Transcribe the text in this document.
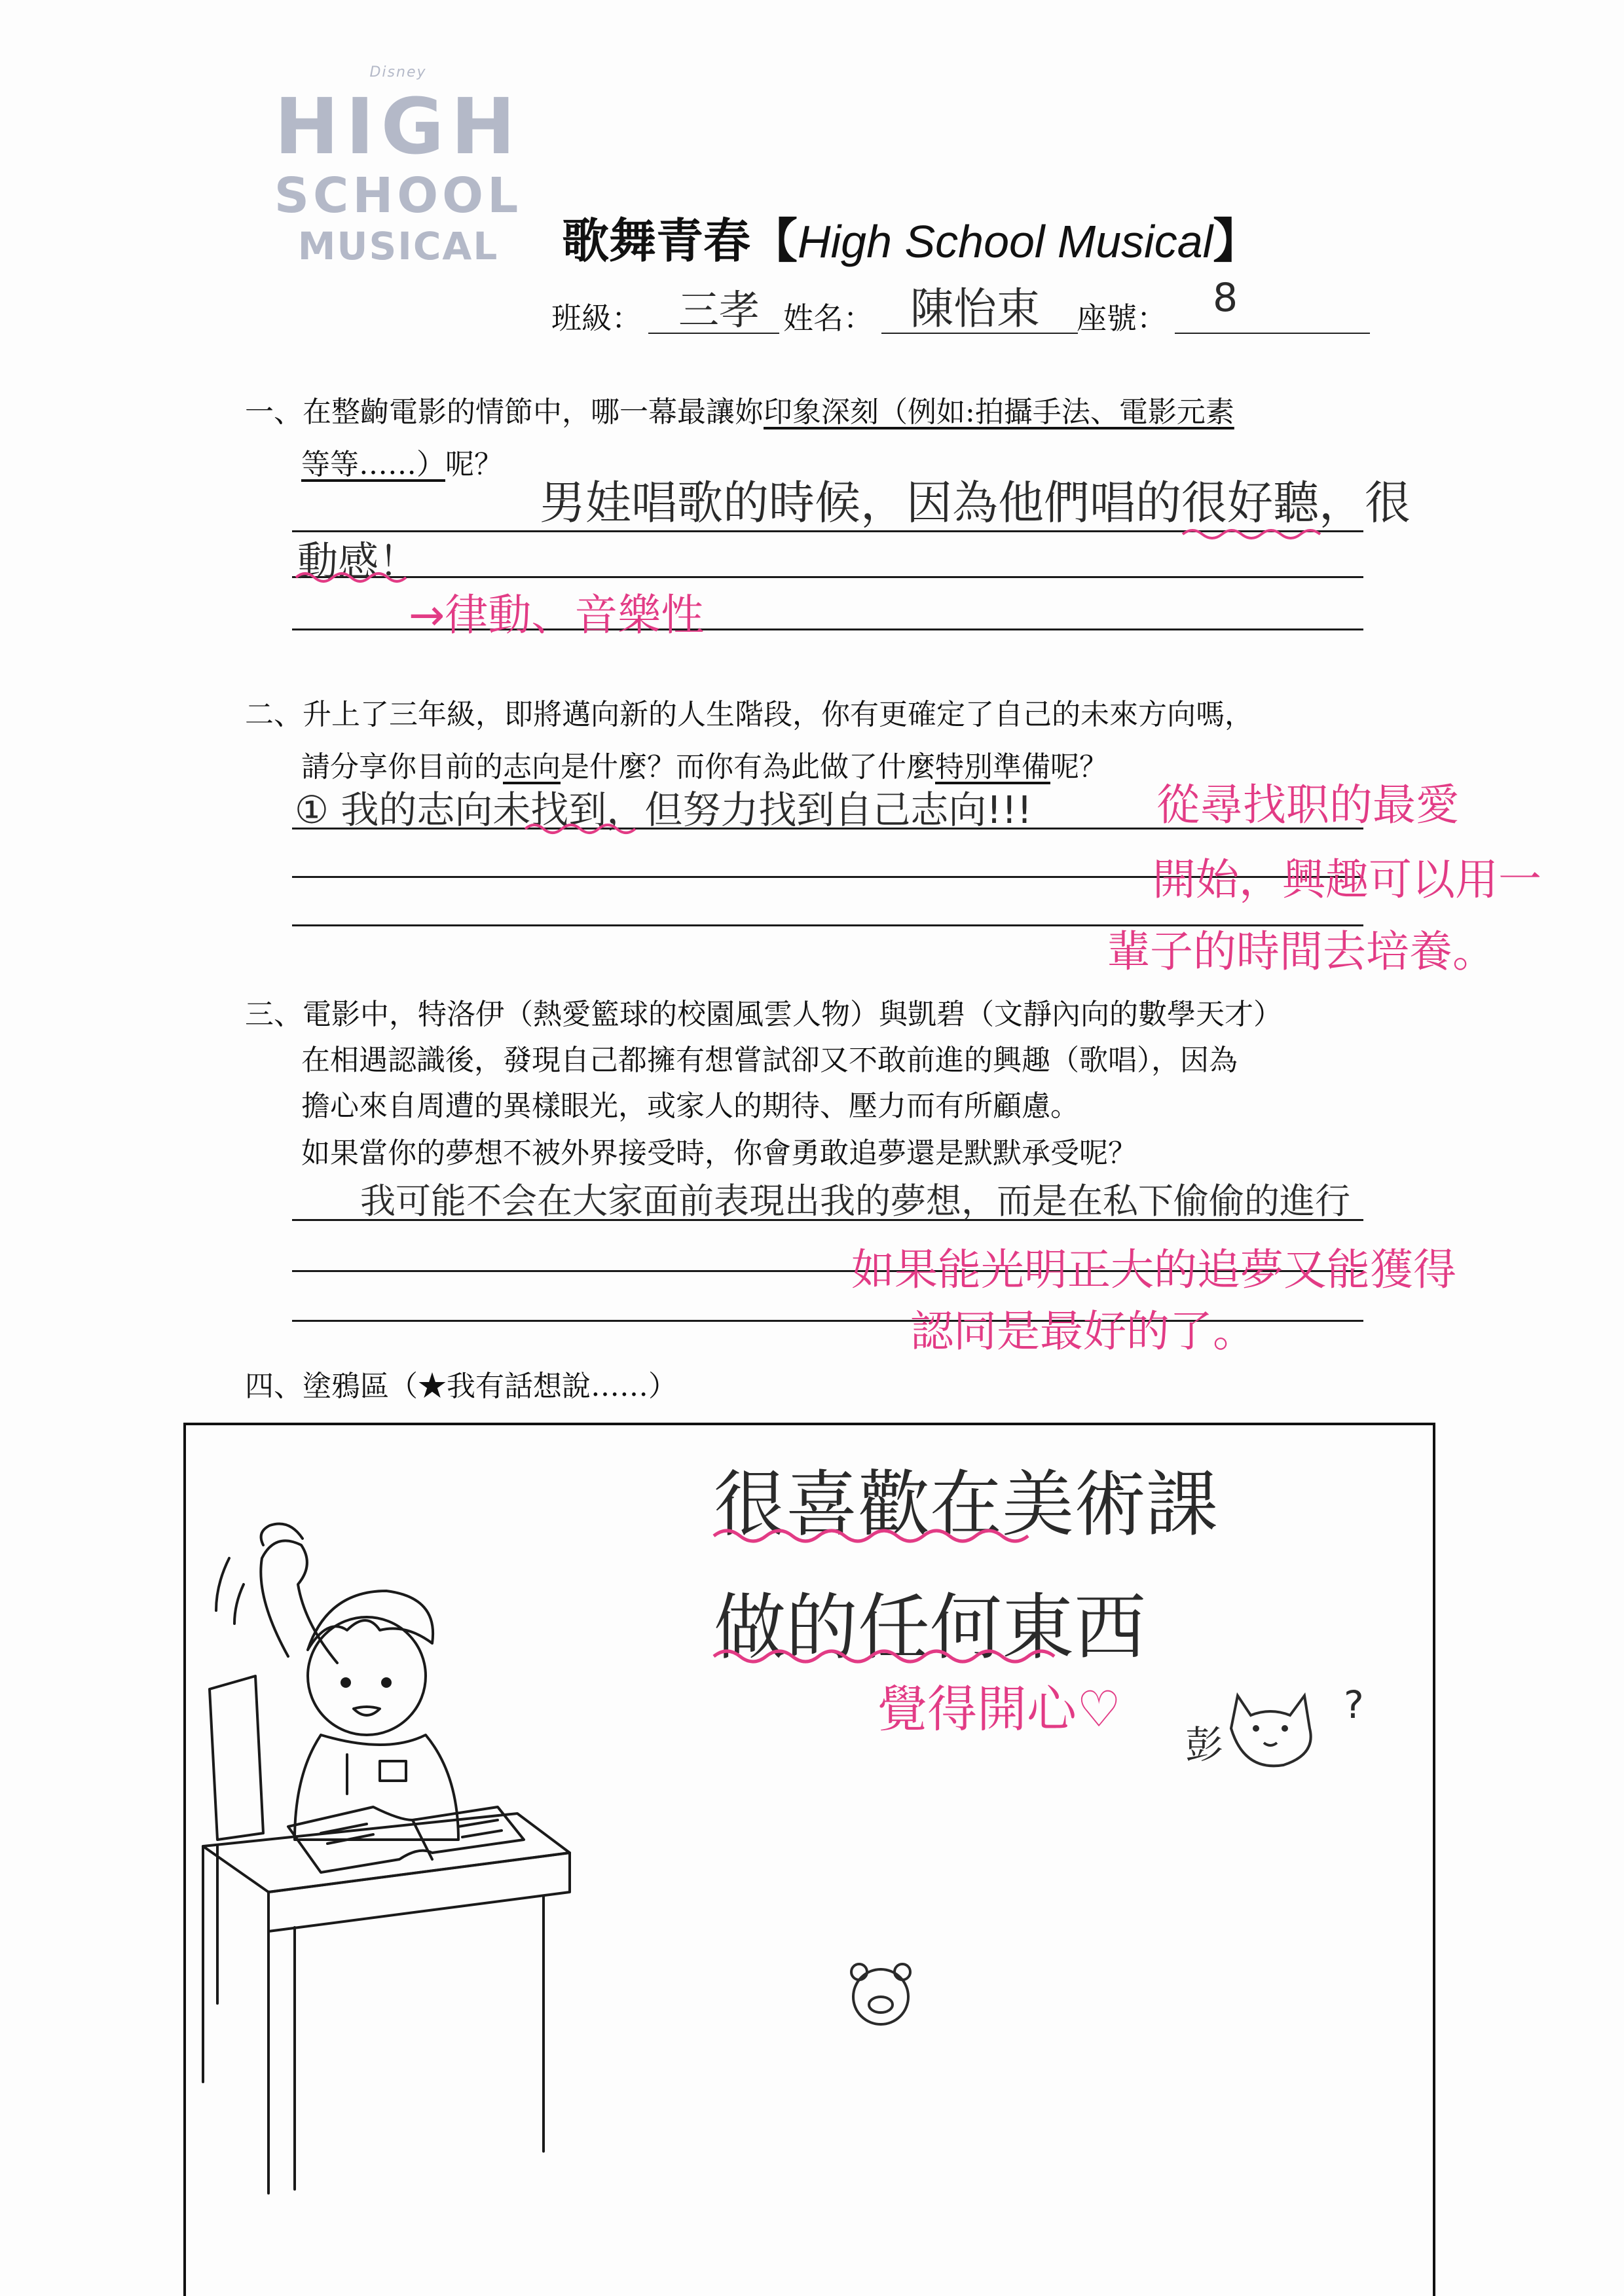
Disney
HIGH
SCHOOL
MUSICAL	歌舞青春【High School Musical】
班級： 三孝 姓名： 陳怡束 座號： 8
一、在整齣電影的情節中，哪一幕最讓妳印象深刻（例如:拍攝手法、電影元素
等等……）呢？
男娃唱歌的時候，因為他們唱的很好聽，很
動感！
→律動、音樂性
二、升上了三年級，即將邁向新的人生階段，你有更確定了自己的未來方向嗎，
請分享你目前的志向是什麼？而你有為此做了什麼特別準備呢？
① 我的志向未找到，但努力找到自己志向!!!	從尋找职的最愛
開始，興趣可以用一
輩子的時間去培養。
三、電影中，特洛伊（熱愛籃球的校園風雲人物）與凱碧（文靜內向的數學天才）
在相遇認識後，發現自己都擁有想嘗試卻又不敢前進的興趣（歌唱），因為
擔心來自周遭的異樣眼光，或家人的期待、壓力而有所顧慮。
如果當你的夢想不被外界接受時，你會勇敢追夢還是默默承受呢？
我可能不会在大家面前表現出我的夢想，而是在私下偷偷的進行
如果能光明正大的追夢又能獲得
認同是最好的了。
四、塗鴉區（★我有話想說……）
很喜歡在美術課
做的任何東西
覺得開心♡
彭
?
